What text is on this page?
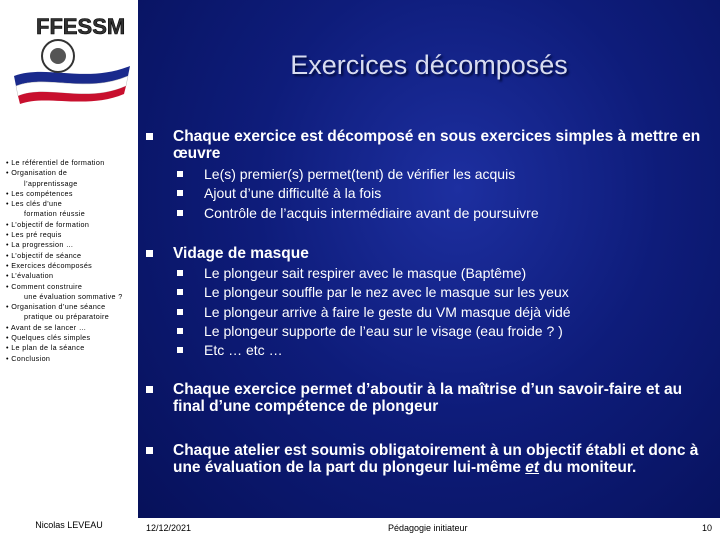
FFESSM
• Le référentiel de formation
• Organisation de
l’apprentissage
• Les compétences
• Les clés d’une
formation réussie
• L’objectif de formation
• Les pré requis
• La progression …
• L’objectif de séance
• Exercices décomposés
• L’évaluation
• Comment construire
une évaluation sommative ?
• Organisation d’une séance
pratique ou préparatoire
• Avant de se lancer …
• Quelques clés simples
• Le plan de la séance
• Conclusion
Nicolas LEVEAU
Exercices décomposés
Chaque exercice est décomposé en sous exercices simples à mettre en œuvre
Le(s) premier(s) permet(tent) de vérifier les acquis
Ajout d’une difficulté à la fois
Contrôle de l’acquis intermédiaire avant de poursuivre
Vidage de masque
Le plongeur sait respirer avec le masque (Baptême)
Le plongeur souffle par le nez avec le masque sur les yeux
Le plongeur arrive à faire le geste du VM masque déjà vidé
Le plongeur supporte de l’eau sur le visage (eau froide ? )
Etc … etc …
Chaque exercice permet d’aboutir à la maîtrise d’un savoir-faire et au final d’une compétence de plongeur
Chaque atelier est soumis obligatoirement à un objectif établi et donc à une évaluation de la part du plongeur lui-même et du moniteur.
12/12/2021	Pédagogie initiateur	10
